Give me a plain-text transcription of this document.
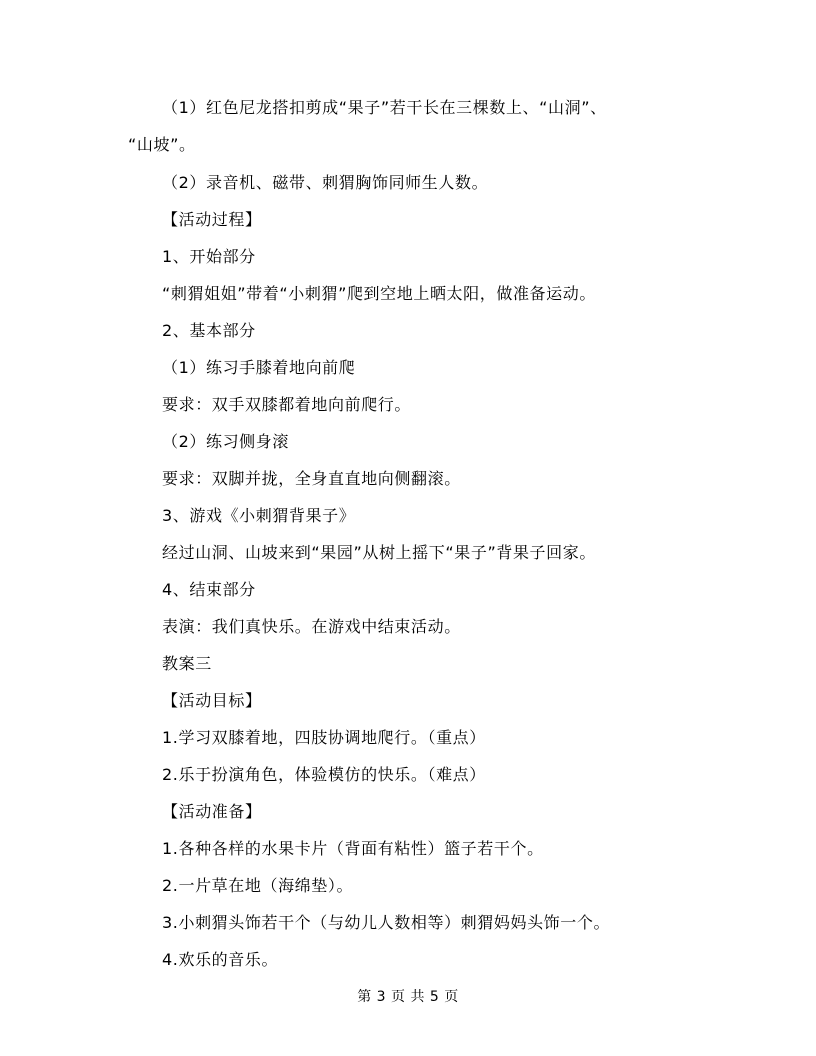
（1）红色尼龙搭扣剪成“果子”若干长在三棵数上、“山洞”、
“山坡”。
（2）录音机、磁带、刺猬胸饰同师生人数。
【活动过程】
1、开始部分
“刺猬姐姐”带着“小刺猬”爬到空地上晒太阳，做准备运动。
2、基本部分
（1）练习手膝着地向前爬
要求：双手双膝都着地向前爬行。
（2）练习侧身滚
要求：双脚并拢，全身直直地向侧翻滚。
3、游戏《小刺猬背果子》
经过山洞、山坡来到“果园”从树上摇下“果子”背果子回家。
4、结束部分
表演：我们真快乐。在游戏中结束活动。
教案三
【活动目标】
1.学习双膝着地，四肢协调地爬行。（重点）
2.乐于扮演角色，体验模仿的快乐。（难点）
【活动准备】
1.各种各样的水果卡片（背面有粘性）篮子若干个。
2.一片草在地（海绵垫）。
3.小刺猬头饰若干个（与幼儿人数相等）刺猬妈妈头饰一个。
4.欢乐的音乐。
第 3 页 共 5 页
